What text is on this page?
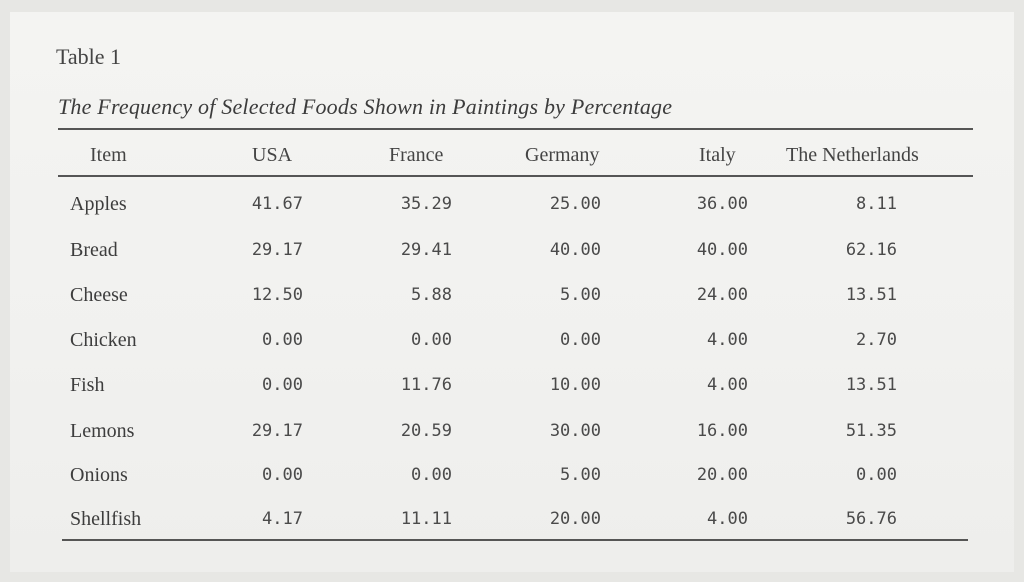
Table 1
The Frequency of Selected Foods Shown in Paintings by Percentage
Item	USA	France	Germany	Italy	The Netherlands
Apples	41.67	35.29	25.00	36.00	8.11
Bread	29.17	29.41	40.00	40.00	62.16
Cheese	12.50	5.88	5.00	24.00	13.51
Chicken	0.00	0.00	0.00	4.00	2.70
Fish	0.00	11.76	10.00	4.00	13.51
Lemons	29.17	20.59	30.00	16.00	51.35
Onions	0.00	0.00	5.00	20.00	0.00
Shellfish	4.17	11.11	20.00	4.00	56.76
